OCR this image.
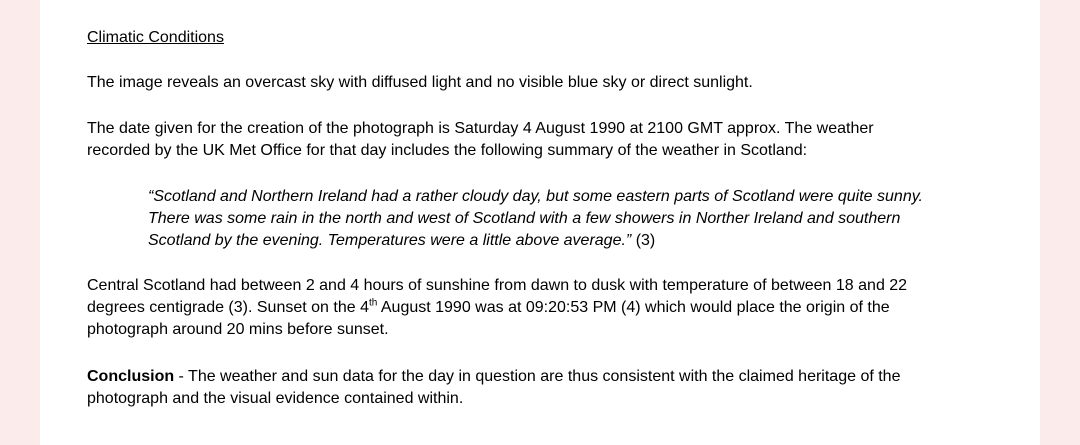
Climatic Conditions
The image reveals an overcast sky with diffused light and no visible blue sky or direct sunlight.
The date given for the creation of the photograph is Saturday 4 August 1990 at 2100 GMT approx. The weather
recorded by the UK Met Office for that day includes the following summary of the weather in Scotland:
“Scotland and Northern Ireland had a rather cloudy day, but some eastern parts of Scotland were quite sunny.
There was some rain in the north and west of Scotland with a few showers in Norther Ireland and southern
Scotland by the evening. Temperatures were a little above average.” (3)
Central Scotland had between 2 and 4 hours of sunshine from dawn to dusk with temperature of between 18 and 22
degrees centigrade (3). Sunset on the 4th August 1990 was at 09:20:53 PM (4) which would place the origin of the
photograph around 20 mins before sunset.
Conclusion - The weather and sun data for the day in question are thus consistent with the claimed heritage of the
photograph and the visual evidence contained within.
